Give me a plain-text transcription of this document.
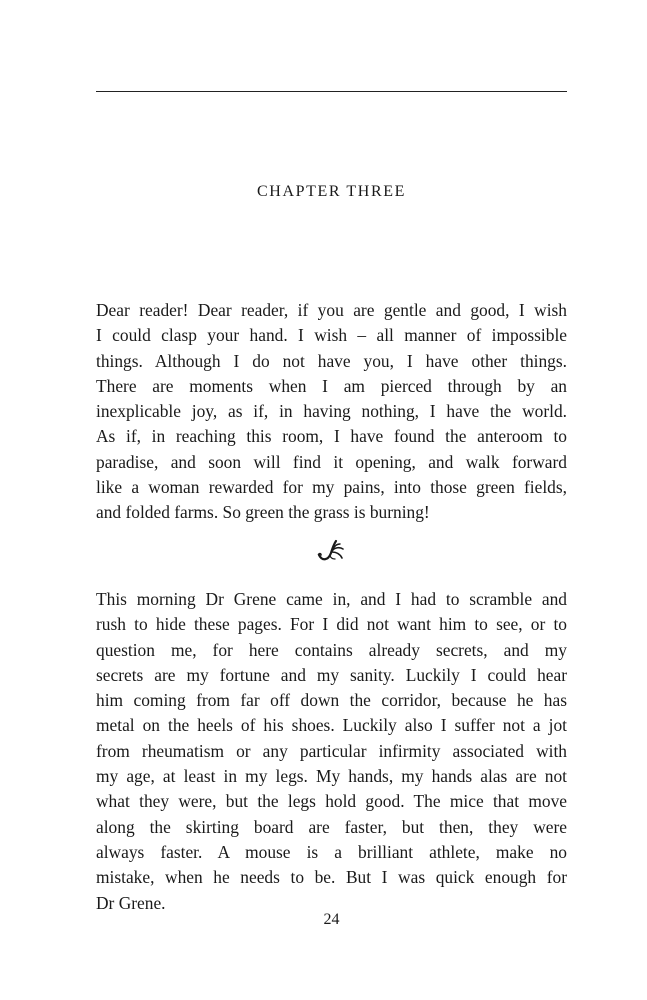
CHAPTER THREE
Dear reader! Dear reader, if you are gentle and good, I wish
I could clasp your hand. I wish – all manner of impossible
things. Although I do not have you, I have other things.
There are moments when I am pierced through by an
inexplicable joy, as if, in having nothing, I have the world.
As if, in reaching this room, I have found the anteroom to
paradise, and soon will find it opening, and walk forward
like a woman rewarded for my pains, into those green fields,
and folded farms. So green the grass is burning!
This morning Dr Grene came in, and I had to scramble and
rush to hide these pages. For I did not want him to see, or to
question me, for here contains already secrets, and my
secrets are my fortune and my sanity. Luckily I could hear
him coming from far off down the corridor, because he has
metal on the heels of his shoes. Luckily also I suffer not a jot
from rheumatism or any particular infirmity associated with
my age, at least in my legs. My hands, my hands alas are not
what they were, but the legs hold good. The mice that move
along the skirting board are faster, but then, they were
always faster. A mouse is a brilliant athlete, make no
mistake, when he needs to be. But I was quick enough for
Dr Grene.
24
